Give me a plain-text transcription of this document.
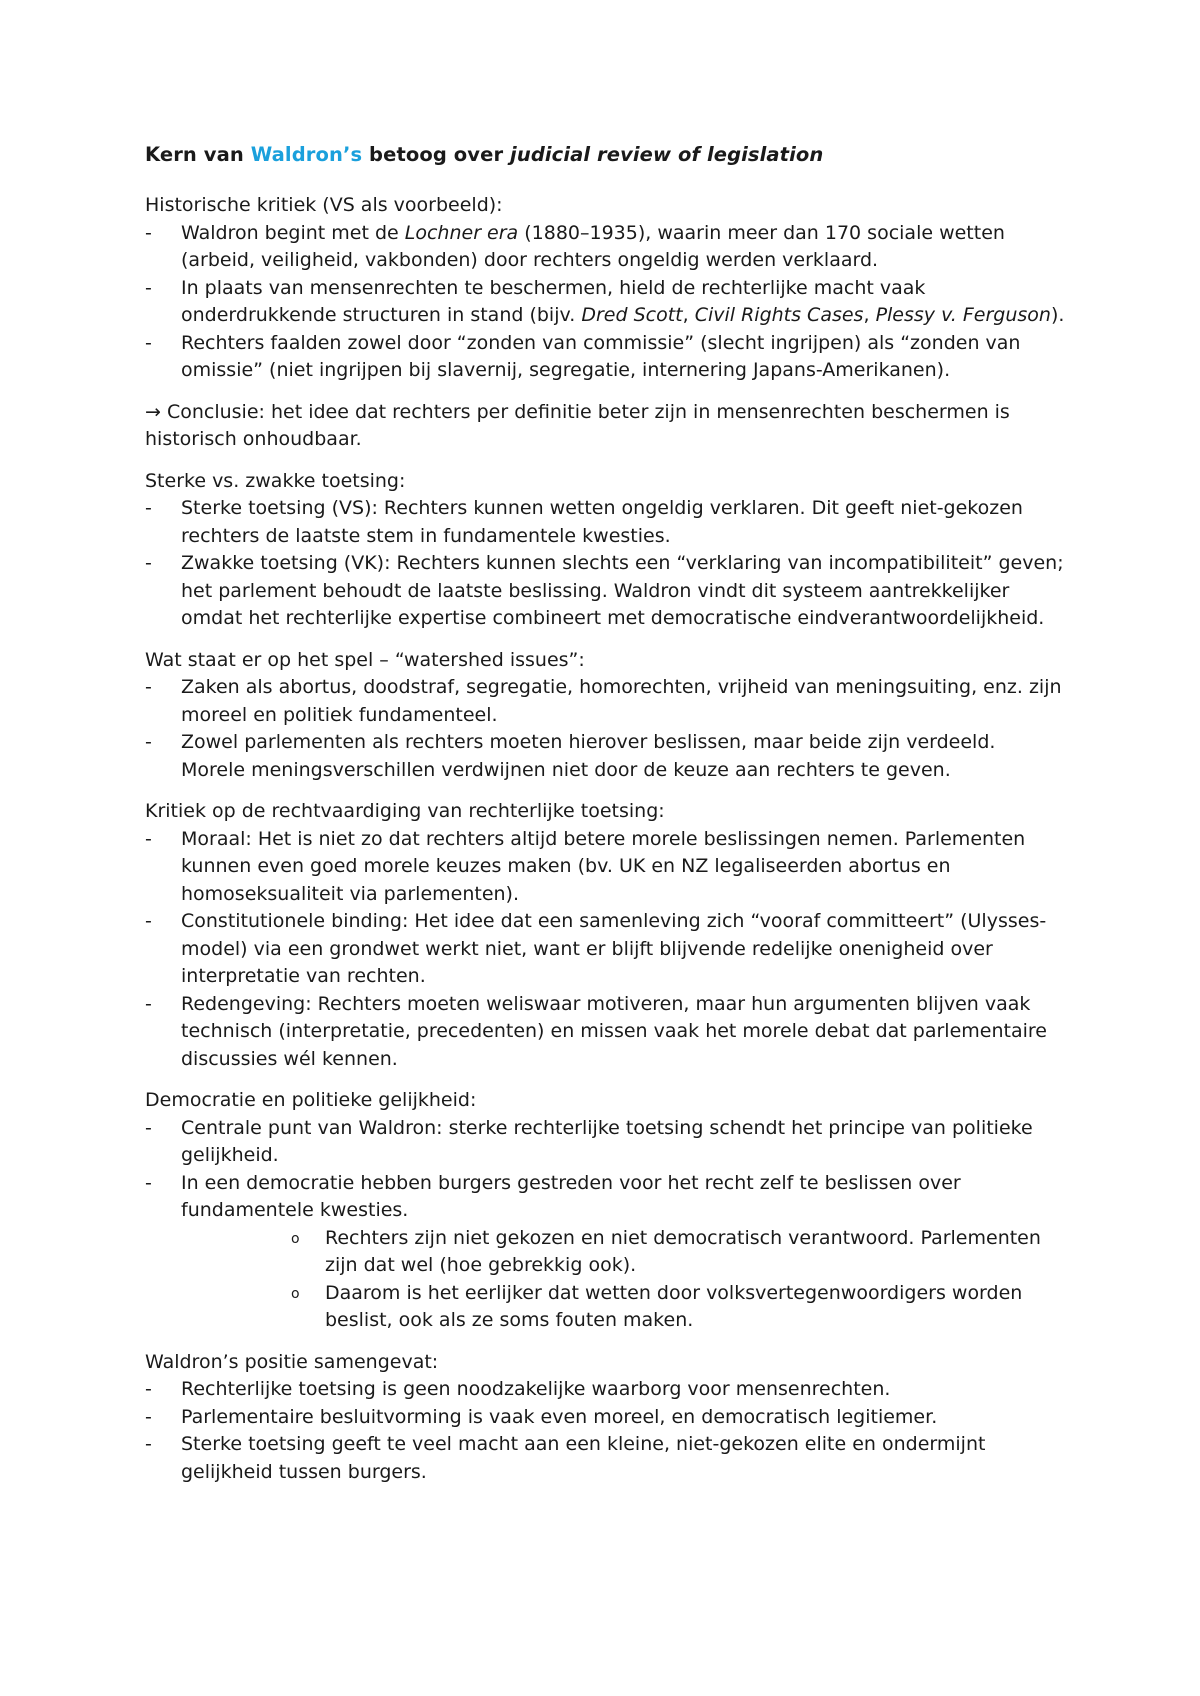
Kern van Waldron’s betoog over judicial review of legislation

Historische kritiek (VS als voorbeeld):

- Waldron begint met de Lochner era (1880–1935), waarin meer dan 170 sociale wetten (arbeid, veiligheid, vakbonden) door rechters ongeldig werden verklaard.
- In plaats van mensenrechten te beschermen, hield de rechterlijke macht vaak onderdrukkende structuren in stand (bijv. Dred Scott, Civil Rights Cases, Plessy v. Ferguson).
- Rechters faalden zowel door “zonden van commissie” (slecht ingrijpen) als “zonden van omissie” (niet ingrijpen bij slavernij, segregatie, internering Japans-Amerikanen).

→ Conclusie: het idee dat rechters per definitie beter zijn in mensenrechten beschermen is historisch onhoudbaar.

Sterke vs. zwakke toetsing:

- Sterke toetsing (VS): Rechters kunnen wetten ongeldig verklaren. Dit geeft niet-gekozen rechters de laatste stem in fundamentele kwesties.
- Zwakke toetsing (VK): Rechters kunnen slechts een “verklaring van incompatibiliteit” geven; het parlement behoudt de laatste beslissing. Waldron vindt dit systeem aantrekkelijker omdat het rechterlijke expertise combineert met democratische eindverantwoordelijkheid.

Wat staat er op het spel – “watershed issues”:

- Zaken als abortus, doodstraf, segregatie, homorechten, vrijheid van meningsuiting, enz. zijn moreel en politiek fundamenteel.
- Zowel parlementen als rechters moeten hierover beslissen, maar beide zijn verdeeld. Morele meningsverschillen verdwijnen niet door de keuze aan rechters te geven.

Kritiek op de rechtvaardiging van rechterlijke toetsing:

- Moraal: Het is niet zo dat rechters altijd betere morele beslissingen nemen. Parlementen kunnen even goed morele keuzes maken (bv. UK en NZ legaliseerden abortus en homoseksualiteit via parlementen).
- Constitutionele binding: Het idee dat een samenleving zich “vooraf committeert” (Ulysses-model) via een grondwet werkt niet, want er blijft blijvende redelijke onenigheid over interpretatie van rechten.
- Redengeving: Rechters moeten weliswaar motiveren, maar hun argumenten blijven vaak technisch (interpretatie, precedenten) en missen vaak het morele debat dat parlementaire discussies wél kennen.

Democratie en politieke gelijkheid:

- Centrale punt van Waldron: sterke rechterlijke toetsing schendt het principe van politieke gelijkheid.
- In een democratie hebben burgers gestreden voor het recht zelf te beslissen over fundamentele kwesties.
o Rechters zijn niet gekozen en niet democratisch verantwoord. Parlementen zijn dat wel (hoe gebrekkig ook).
o Daarom is het eerlijker dat wetten door volksvertegenwoordigers worden beslist, ook als ze soms fouten maken.

Waldron’s positie samengevat:

- Rechterlijke toetsing is geen noodzakelijke waarborg voor mensenrechten.
- Parlementaire besluitvorming is vaak even moreel, en democratisch legitiemer.
- Sterke toetsing geeft te veel macht aan een kleine, niet-gekozen elite en ondermijnt gelijkheid tussen burgers.
